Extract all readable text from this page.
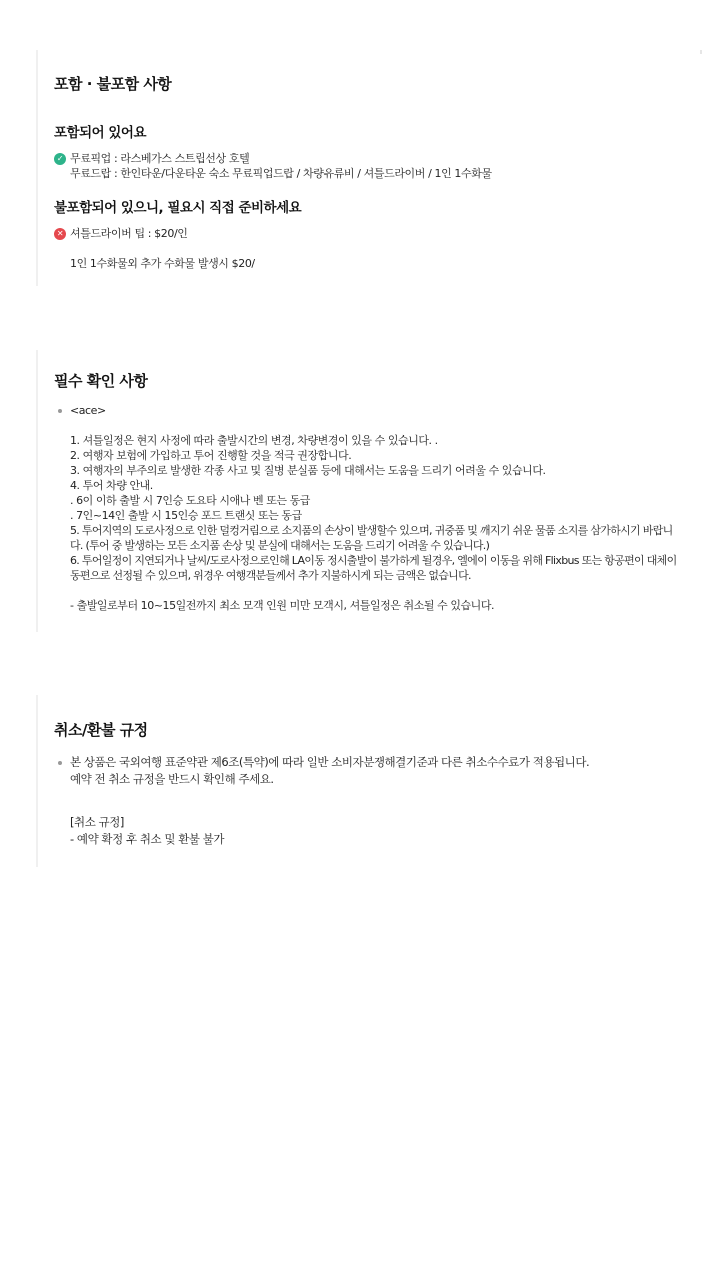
포함 · 불포함 사항
포함되어 있어요
✓ 무료픽업 : 라스베가스 스트립선상 호텔
무료드랍 : 한인타운/다운타운 숙소 무료픽업드랍 / 차량유류비 / 셔틀드라이버 / 1인 1수화물
불포함되어 있으니, 필요시 직접 준비하세요
✕ 셔틀드라이버 팁 : $20/인
1인 1수화물외 추가 수화물 발생시 $20/
필수 확인 사항
<ace>
1. 셔틀일정은 현지 사정에 따라 출발시간의 변경, 차량변경이 있을 수 있습니다. .
2. 여행자 보험에 가입하고 투어 진행할 것을 적극 권장합니다.
3. 여행자의 부주의로 발생한 각종 사고 및 질병 분실품 등에 대해서는 도움을 드리기 어려울 수 있습니다.
4. 투어 차량 안내.
. 6이 이하 출발 시 7인승 도요타 시애나 벤 또는 동급
. 7인~14인 출발 시 15인승 포드 트랜싯 또는 동급
5. 투어지역의 도로사정으로 인한 덜컹거림으로 소지품의 손상이 발생할수 있으며, 귀중품 및 깨지기 쉬운 물품 소지를 삼가하시기 바랍니다. (투어 중 발생하는 모든 소지품 손상 및 분실에 대해서는 도움을 드리기 어려울 수 있습니다.)
6. 투어일정이 지연되거나 날씨/도로사정으로인해 LA이동 정시출발이 불가하게 될경우, 엘에이 이동을 위해 Flixbus 또는 항공편이 대체이동편으로 선정될 수 있으며, 위경우 여행객분들께서 추가 지불하시게 되는 금액은 없습니다.
- 출발일로부터 10~15일전까지 최소 모객 인원 미만 모객시, 셔틀일정은 취소될 수 있습니다.
취소/환불 규정
본 상품은 국외여행 표준약관 제6조(특약)에 따라 일반 소비자분쟁해결기준과 다른 취소수수료가 적용됩니다.
예약 전 취소 규정을 반드시 확인해 주세요.
[취소 규정]
- 예약 확정 후 취소 및 환불 불가
